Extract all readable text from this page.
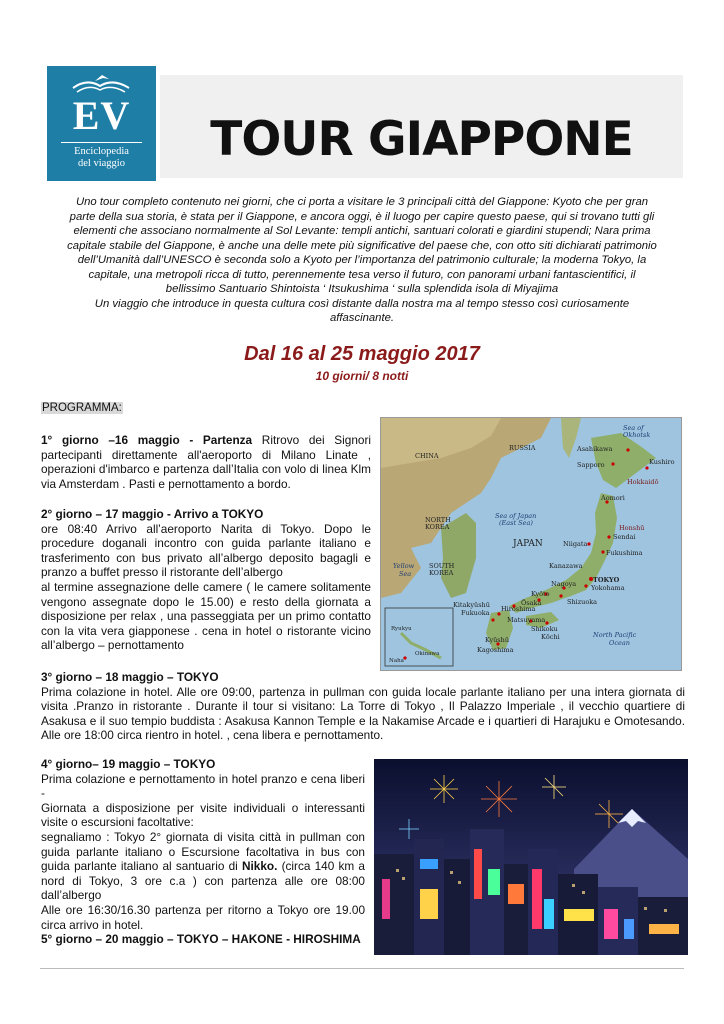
EV
Enciclopedia
del viaggio	TOUR GIAPPONE
Uno tour completo contenuto nei giorni, che ci porta a visitare le 3 principali città del Giappone: Kyoto che per gran
parte della sua storia, è stata per il Giappone, e ancora oggi, è il luogo per capire questo paese, qui si trovano tutti gli
elementi che associano normalmente al Sol Levante: templi antichi, santuari colorati e giardini stupendi; Nara prima
capitale stabile del Giappone, è anche una delle mete più significative del paese che, con otto siti dichiarati patrimonio
dell’Umanità dall’UNESCO è seconda solo a Kyoto per l’importanza del patrimonio culturale; la moderna Tokyo, la
capitale, una metropoli ricca di tutto, perennemente tesa verso il futuro, con panorami urbani fantascientifici, il
bellissimo Santuario Shintoista ‘ Itsukushima ‘ sulla splendida isola di Miyajima
Un viaggio che introduce in questa cultura così distante dalla nostra ma al tempo stesso così curiosamente
affascinante.
Dal 16 al 25 maggio 2017
10 giorni/ 8 notti
PROGRAMMA:
1° giorno –16 maggio - Partenza Ritrovo dei Signori partecipanti direttamente all'aeroporto di Milano Linate , operazioni d'imbarco e partenza dall’Italia con volo di linea Klm via Amsterdam . Pasti e pernottamento a bordo.
2° giorno – 17 maggio - Arrivo a TOKYO
ore 08:40 Arrivo all’aeroporto Narita di Tokyo. Dopo le procedure doganali incontro con guida parlante italiano e trasferimento con bus privato all’albergo deposito bagagli e pranzo a buffet presso il ristorante dell’albergo
al termine assegnazione delle camere ( le camere solitamente vengono assegnate dopo le 15.00) e resto della giornata a disposizione per relax , una passeggiata per un primo contatto con la vita vera giapponese . cena in hotel o ristorante vicino all’albergo – pernottamento
RUSSIA
CHINA
Sea of
Okhotsk
Asahikawa
Sapporo
Hokkaidō
Kushiro
NORTH
KOREA
Sea of Japan
(East Sea)
JAPAN
Honshū
Aomori
Sendai
Fukushima
Niigata
Kanazawa
TOKYO
Yokohama
Nagoya
Kyōto
Ōsaka
Hiroshima
Kitakyūshū
Fukuoka
Shikoku
Kyūshū
Kagoshima
SOUTH
KOREA
Yellow
Sea
Ryukyu
Okinawa
Naha
North Pacific
Ocean
Shizuoka
Matsuyama
Kōchi
3° giorno – 18 maggio – TOKYO
Prima colazione in hotel. Alle ore 09:00, partenza in pullman con guida locale parlante italiano per una intera giornata di visita .Pranzo in ristorante . Durante il tour si visitano: La Torre di Tokyo , Il Palazzo Imperiale , il vecchio quartiere di Asakusa e il suo tempio buddista : Asakusa Kannon Temple e la Nakamise Arcade e i quartieri di Harajuku e Omotesando. Alle ore 18:00 circa rientro in hotel. , cena libera e pernottamento.
4° giorno– 19 maggio – TOKYO
Prima colazione e pernottamento in hotel pranzo e cena liberi -
Giornata a disposizione per visite individuali o interessanti visite o escursioni facoltative:
segnaliamo : Tokyo 2° giornata di visita città in pullman con guida parlante italiano o Escursione facoltativa in bus con guida parlante italiano al santuario di Nikko. (circa 140 km a nord di Tokyo, 3 ore c.a ) con partenza alle ore 08:00 dall’albergo
Alle ore 16:30/16.30 partenza per ritorno a Tokyo ore 19.00 circa arrivo in hotel.
5° giorno – 20 maggio – TOKYO – HAKONE - HIROSHIMA
